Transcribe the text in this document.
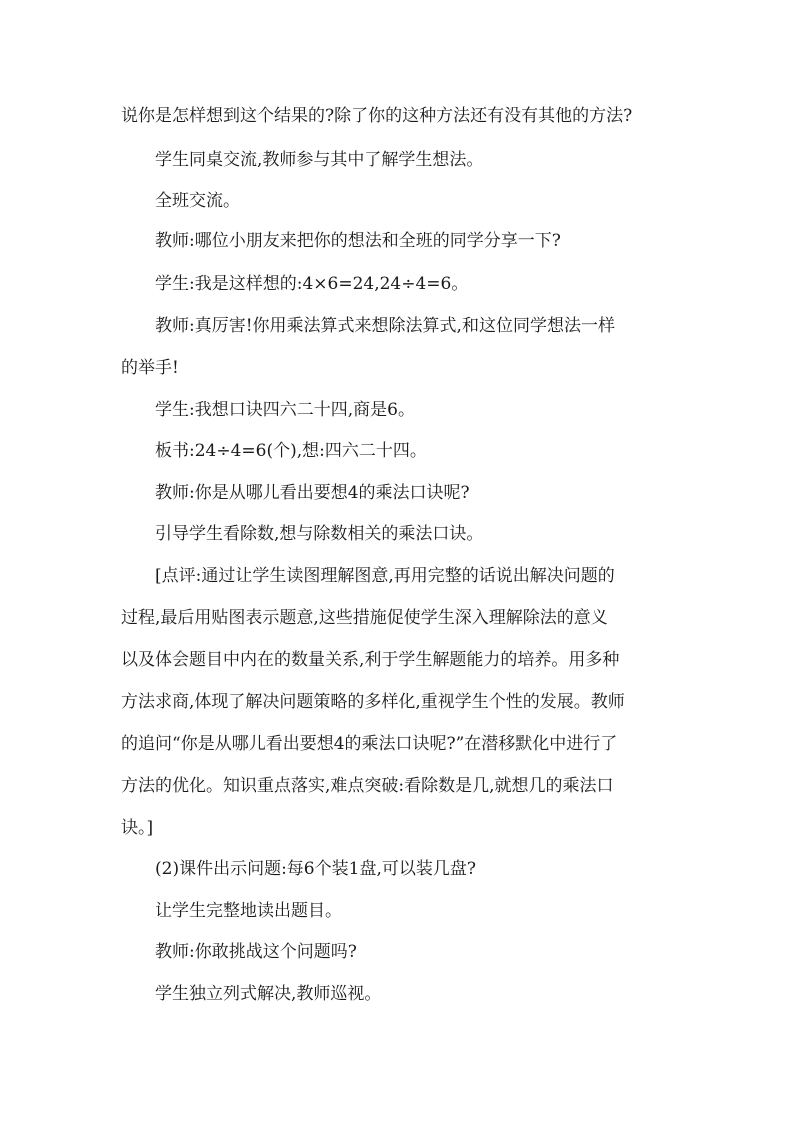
说你是怎样想到这个结果的?除了你的这种方法还有没有其他的方法?
学生同桌交流,教师参与其中了解学生想法。
全班交流。
教师:哪位小朋友来把你的想法和全班的同学分享一下?
学生:我是这样想的:4×6=24,24÷4=6。
教师:真厉害!你用乘法算式来想除法算式,和这位同学想法一样
的举手!
学生:我想口诀四六二十四,商是6。
板书:24÷4=6(个),想:四六二十四。
教师:你是从哪儿看出要想4的乘法口诀呢?
引导学生看除数,想与除数相关的乘法口诀。
[点评:通过让学生读图理解图意,再用完整的话说出解决问题的
过程,最后用贴图表示题意,这些措施促使学生深入理解除法的意义
以及体会题目中内在的数量关系,利于学生解题能力的培养。用多种
方法求商,体现了解决问题策略的多样化,重视学生个性的发展。教师
的追问“你是从哪儿看出要想4的乘法口诀呢?”在潜移默化中进行了
方法的优化。知识重点落实,难点突破:看除数是几,就想几的乘法口
诀。]
(2)课件出示问题:每6个装1盘,可以装几盘?
让学生完整地读出题目。
教师:你敢挑战这个问题吗?
学生独立列式解决,教师巡视。
